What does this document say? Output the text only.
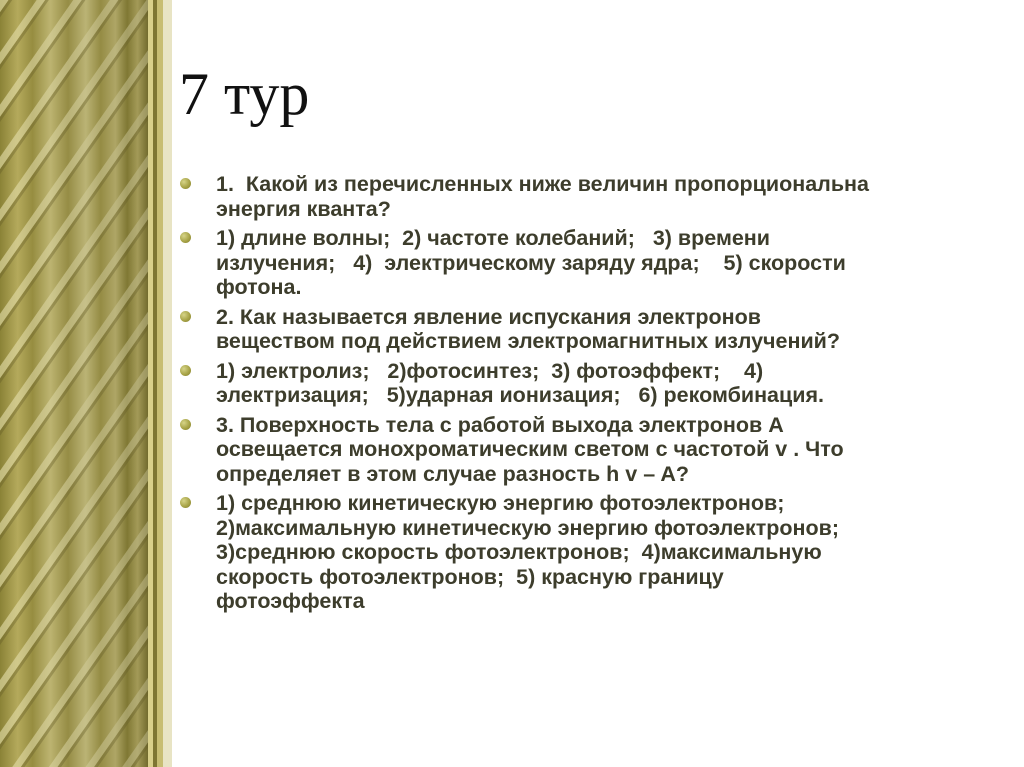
7 тур
1.  Какой из перечисленных ниже величин пропорциональна
энергия кванта?
1) длине волны;  2) частоте колебаний;   3) времени
излучения;   4)  электрическому заряду ядра;    5) скорости
фотона.
2. Как называется явление испускания электронов
веществом под действием электромагнитных излучений?
1) электролиз;   2)фотосинтез;  3) фотоэффект;    4)
электризация;   5)ударная ионизация;   6) рекомбинация.
3. Поверхность тела с работой выхода электронов А
освещается монохроматическим светом с частотой v . Что
определяет в этом случае разность h v – A?
1) среднюю кинетическую энергию фотоэлектронов;
2)максимальную кинетическую энергию фотоэлектронов;
3)среднюю скорость фотоэлектронов;  4)максимальную
скорость фотоэлектронов;  5) красную границу
фотоэффекта
